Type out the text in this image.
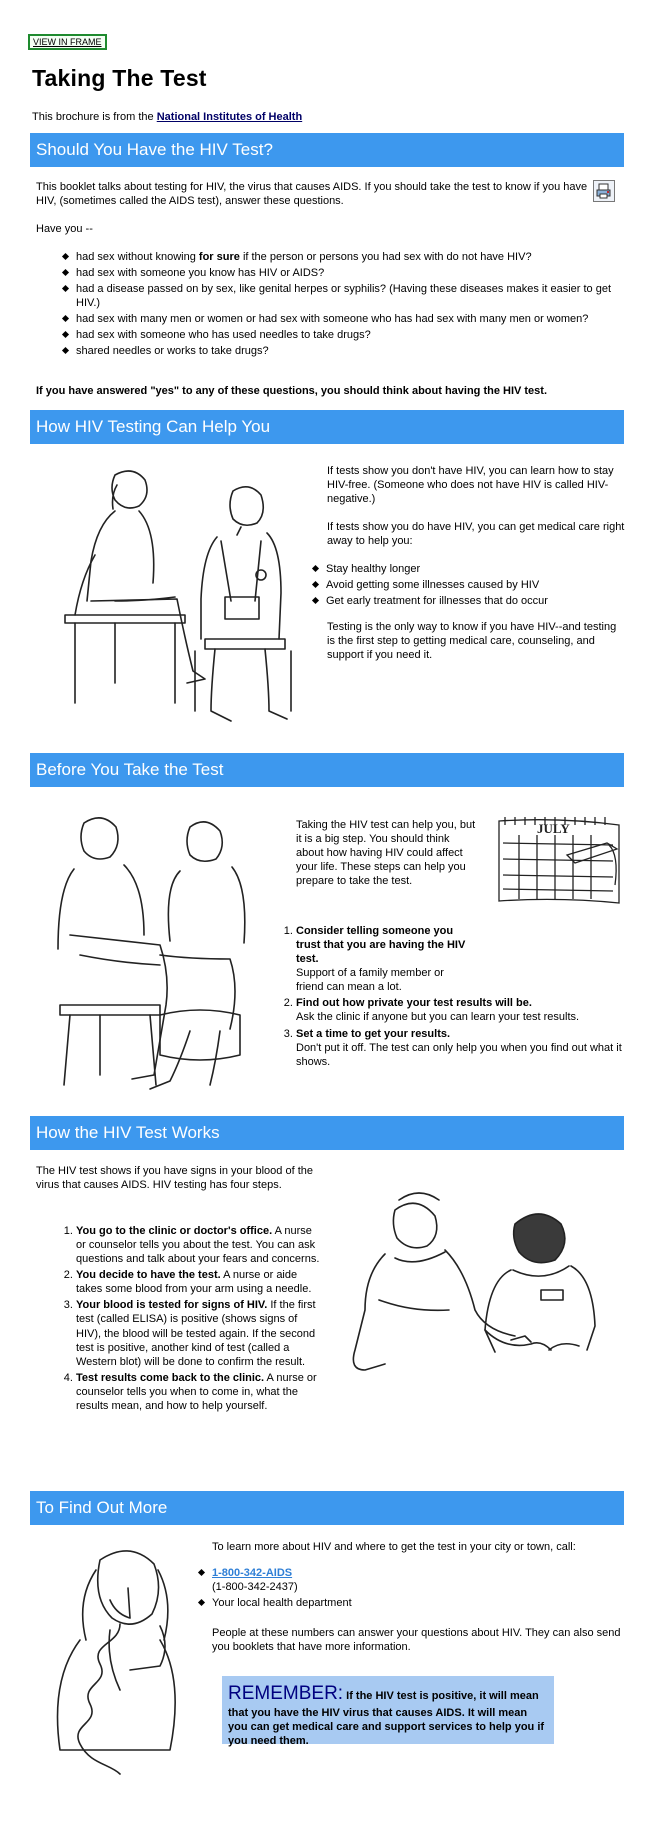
VIEW IN FRAME
Taking The Test
This brochure is from the National Institutes of Health
Should You Have the HIV Test?
This booklet talks about testing for HIV, the virus that causes AIDS. If you should take the test to know if you have HIV, (sometimes called the AIDS test), answer these questions.
Have you --
had sex without knowing for sure if the person or persons you had sex with do not have HIV?
had sex with someone you know has HIV or AIDS?
had a disease passed on by sex, like genital herpes or syphilis? (Having these diseases makes it easier to get HIV.)
had sex with many men or women or had sex with someone who has had sex with many men or women?
had sex with someone who has used needles to take drugs?
shared needles or works to take drugs?
If you have answered "yes" to any of these questions, you should think about having the HIV test.
How HIV Testing Can Help You
If tests show you don't have HIV, you can learn how to stay HIV-free. (Someone who does not have HIV is called HIV-negative.)
If tests show you do have HIV, you can get medical care right away to help you:
Stay healthy longer
Avoid getting some illnesses caused by HIV
Get early treatment for illnesses that do occur
Testing is the only way to know if you have HIV--and testing is the first step to getting medical care, counseling, and support if you need it.
Before You Take the Test
Taking the HIV test can help you, but it is a big step. You should think about how having HIV could affect your life. These steps can help you prepare to take the test.
JULY
1. Consider telling someone you trust that you are having the HIV test.
Support of a family member or friend can mean a lot.
2. Find out how private your test results will be.
Ask the clinic if anyone but you can learn your test results.
3. Set a time to get your results.
Don't put it off. The test can only help you when you find out what it shows.
How the HIV Test Works
The HIV test shows if you have signs in your blood of the virus that causes AIDS. HIV testing has four steps.
1. You go to the clinic or doctor's office. A nurse or counselor tells you about the test. You can ask questions and talk about your fears and concerns.
2. You decide to have the test. A nurse or aide takes some blood from your arm using a needle.
3. Your blood is tested for signs of HIV. If the first test (called ELISA) is positive (shows signs of HIV), the blood will be tested again. If the second test is positive, another kind of test (called a Western blot) will be done to confirm the result.
4. Test results come back to the clinic. A nurse or counselor tells you when to come in, what the results mean, and how to help yourself.
To Find Out More
To learn more about HIV and where to get the test in your city or town, call:
1-800-342-AIDS
(1-800-342-2437)
Your local health department
People at these numbers can answer your questions about HIV. They can also send you booklets that have more information.
REMEMBER: If the HIV test is positive, it will mean that you have the HIV virus that causes AIDS. It will mean you can get medical care and support services to help you if you need them.
